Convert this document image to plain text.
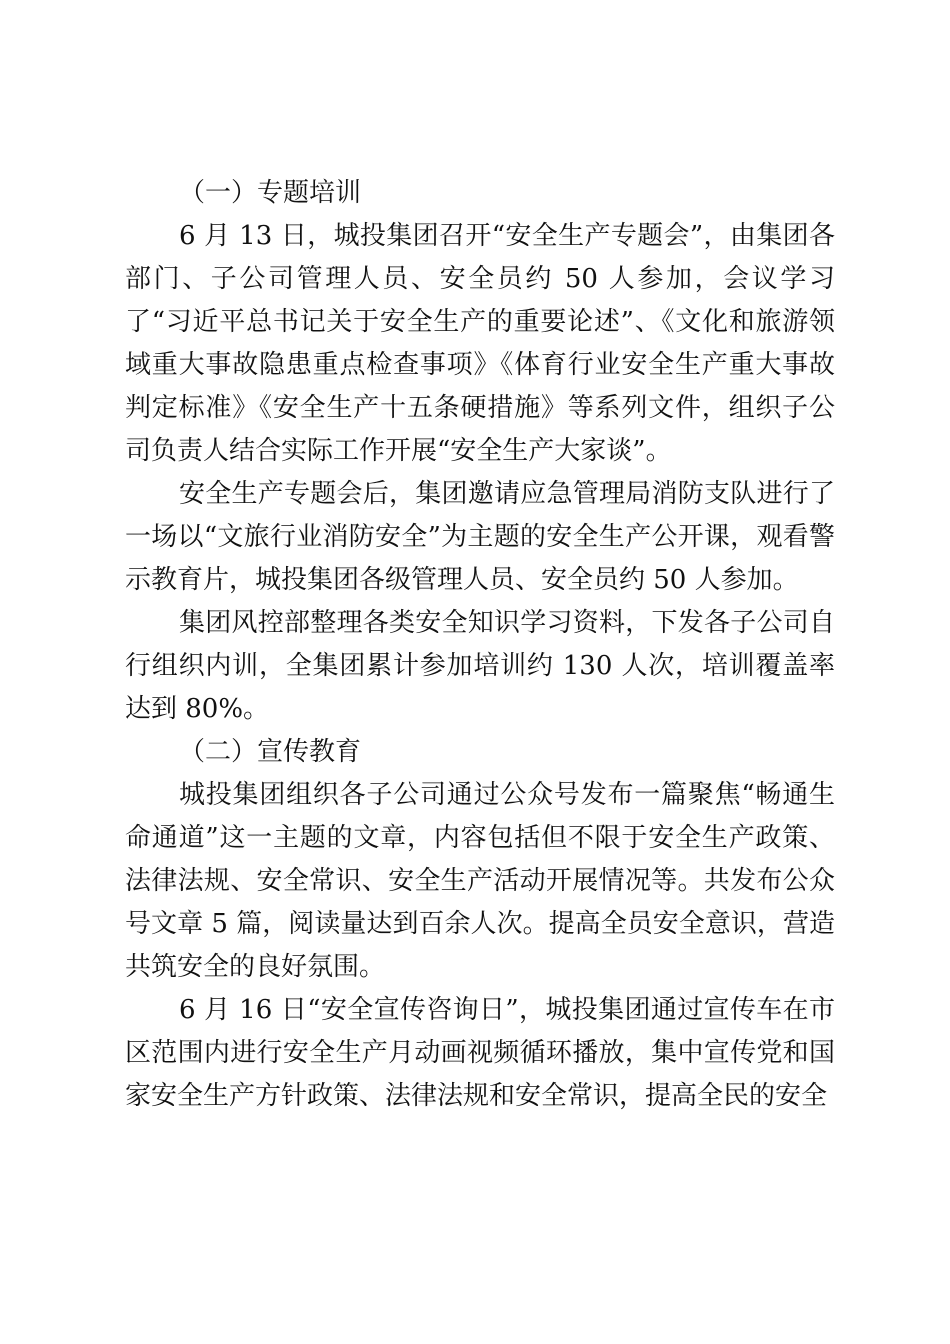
（一）专题培训

6 月 13 日，城投集团召开“安全生产专题会”，由集团各部门、子公司管理人员、安全员约 50 人参加，会议学习了“习近平总书记关于安全生产的重要论述”、《文化和旅游领域重大事故隐患重点检查事项》《体育行业安全生产重大事故判定标准》《安全生产十五条硬措施》等系列文件，组织子公司负责人结合实际工作开展“安全生产大家谈”。

安全生产专题会后，集团邀请应急管理局消防支队进行了一场以“文旅行业消防安全”为主题的安全生产公开课，观看警示教育片，城投集团各级管理人员、安全员约 50 人参加。

集团风控部整理各类安全知识学习资料，下发各子公司自行组织内训，全集团累计参加培训约 130 人次，培训覆盖率达到 80%。

（二）宣传教育

城投集团组织各子公司通过公众号发布一篇聚焦“畅通生命通道”这一主题的文章，内容包括但不限于安全生产政策、法律法规、安全常识、安全生产活动开展情况等。共发布公众号文章 5 篇，阅读量达到百余人次。提高全员安全意识，营造共筑安全的良好氛围。

6 月 16 日“安全宣传咨询日”，城投集团通过宣传车在市区范围内进行安全生产月动画视频循环播放，集中宣传党和国家安全生产方针政策、法律法规和安全常识，提高全民的安全
